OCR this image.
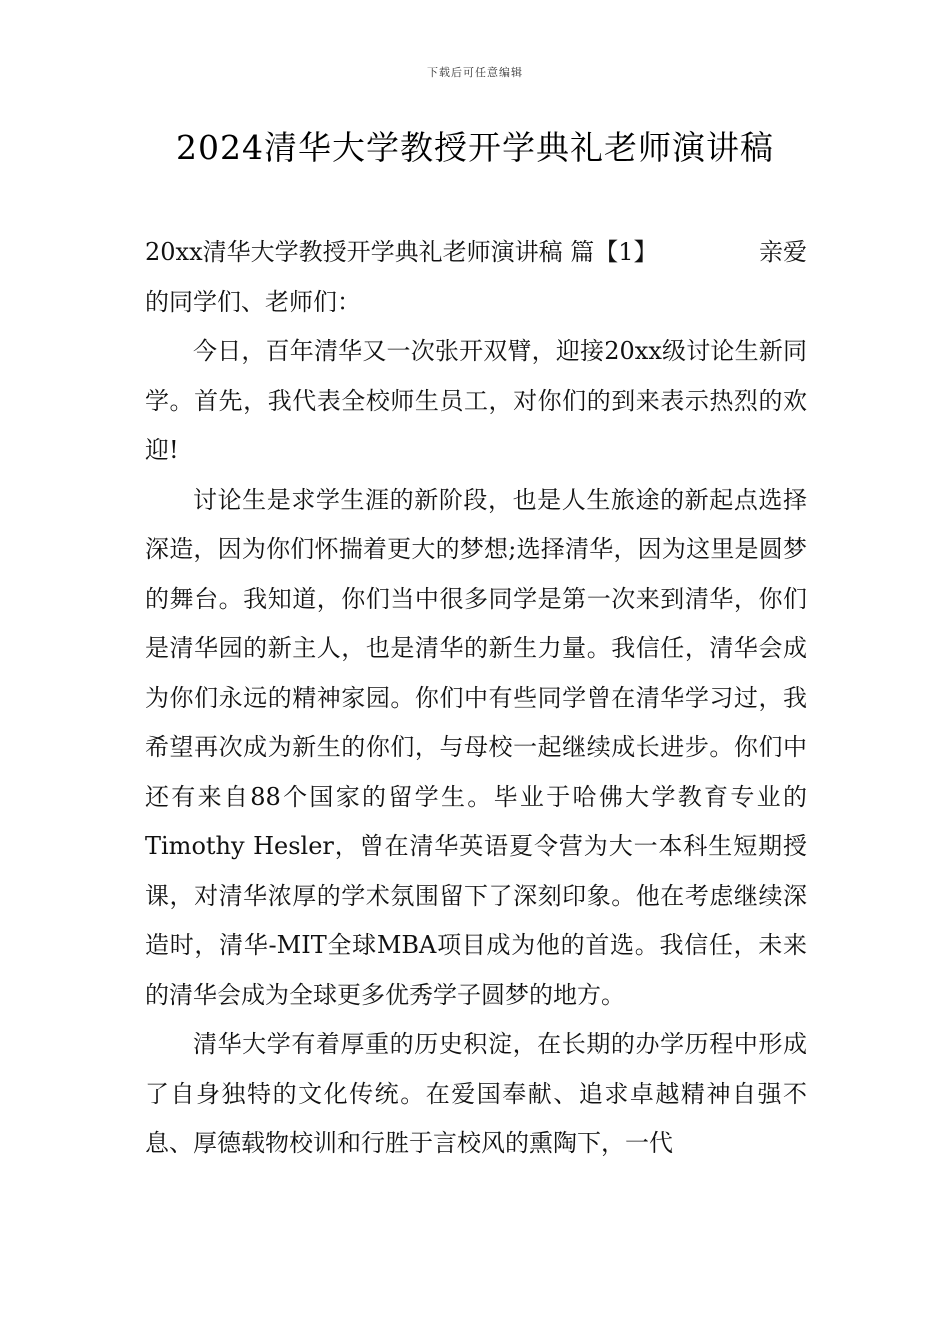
下载后可任意编辑
2024清华大学教授开学典礼老师演讲稿
20xx清华大学教授开学典礼老师演讲稿 篇【1】	亲爱

的同学们、老师们：

今日，百年清华又一次张开双臂，迎接20xx级讨论生新同学。首先，我代表全校师生员工，对你们的到来表示热烈的欢迎!

讨论生是求学生涯的新阶段，也是人生旅途的新起点选择深造，因为你们怀揣着更大的梦想;选择清华，因为这里是圆梦的舞台。我知道，你们当中很多同学是第一次来到清华，你们是清华园的新主人，也是清华的新生力量。我信任，清华会成为你们永远的精神家园。你们中有些同学曾在清华学习过，我希望再次成为新生的你们，与母校一起继续成长进步。你们中还有来自88个国家的留学生。毕业于哈佛大学教育专业的Timothy Hesler，曾在清华英语夏令营为大一本科生短期授课，对清华浓厚的学术氛围留下了深刻印象。他在考虑继续深造时，清华-MIT全球MBA项目成为他的首选。我信任，未来的清华会成为全球更多优秀学子圆梦的地方。

清华大学有着厚重的历史积淀，在长期的办学历程中形成了自身独特的文化传统。在爱国奉献、追求卓越精神自强不息、厚德载物校训和行胜于言校风的熏陶下，一代
